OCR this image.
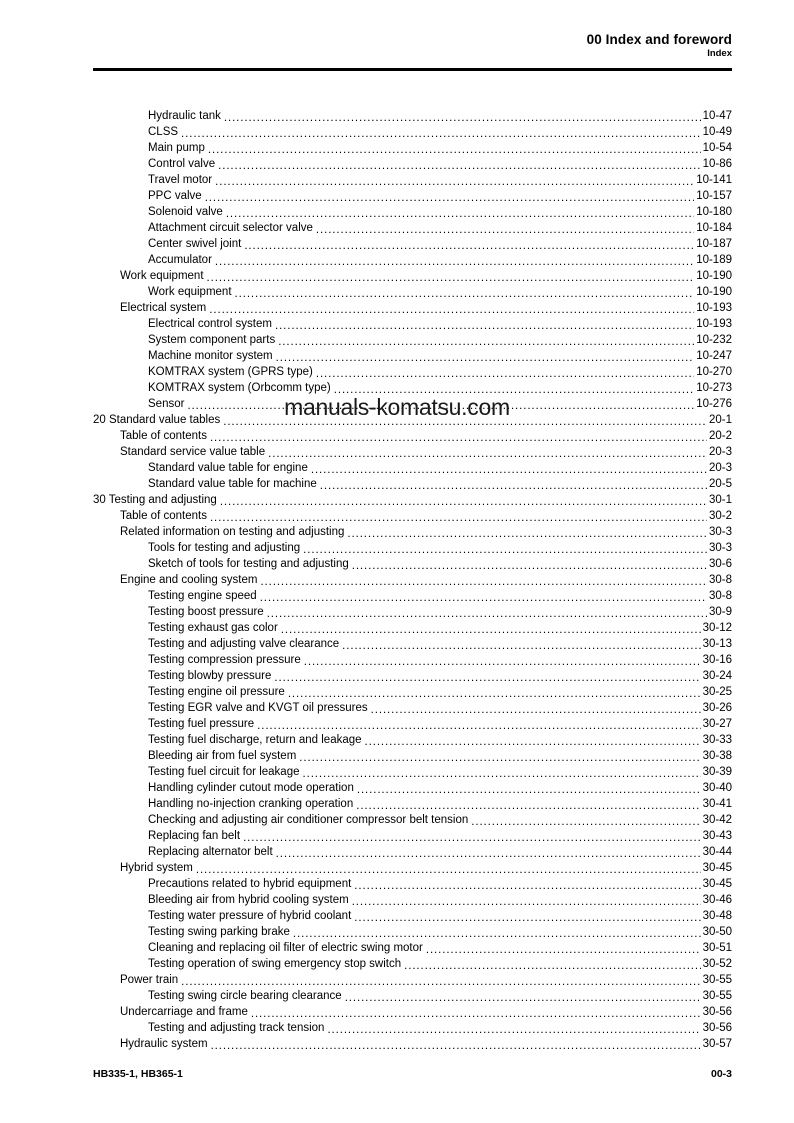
00 Index and foreword
Index
Hydraulic tank .....	10-47
CLSS .....	10-49
Main pump .....	10-54
Control valve .....	10-86
Travel motor .....	10-141
PPC valve .....	10-157
Solenoid valve .....	10-180
Attachment circuit selector valve .....	10-184
Center swivel joint .....	10-187
Accumulator .....	10-189
Work equipment .....	10-190
Work equipment .....	10-190
Electrical system .....	10-193
Electrical control system .....	10-193
System component parts .....	10-232
Machine monitor system .....	10-247
KOMTRAX system (GPRS type) .....	10-270
KOMTRAX system (Orbcomm type) .....	10-273
Sensor .....	10-276
20 Standard value tables .....	20-1
Table of contents .....	20-2
Standard service value table .....	20-3
Standard value table for engine .....	20-3
Standard value table for machine .....	20-5
30 Testing and adjusting .....	30-1
Table of contents .....	30-2
Related information on testing and adjusting .....	30-3
Tools for testing and adjusting .....	30-3
Sketch of tools for testing and adjusting .....	30-6
Engine and cooling system .....	30-8
Testing engine speed .....	30-8
Testing boost pressure .....	30-9
Testing exhaust gas color .....	30-12
Testing and adjusting valve clearance .....	30-13
Testing compression pressure .....	30-16
Testing blowby pressure .....	30-24
Testing engine oil pressure .....	30-25
Testing EGR valve and KVGT oil pressures .....	30-26
Testing fuel pressure .....	30-27
Testing fuel discharge, return and leakage .....	30-33
Bleeding air from fuel system .....	30-38
Testing fuel circuit for leakage .....	30-39
Handling cylinder cutout mode operation .....	30-40
Handling no-injection cranking operation .....	30-41
Checking and adjusting air conditioner compressor belt tension .....	30-42
Replacing fan belt .....	30-43
Replacing alternator belt .....	30-44
Hybrid system .....	30-45
Precautions related to hybrid equipment .....	30-45
Bleeding air from hybrid cooling system .....	30-46
Testing water pressure of hybrid coolant .....	30-48
Testing swing parking brake .....	30-50
Cleaning and replacing oil filter of electric swing motor .....	30-51
Testing operation of swing emergency stop switch .....	30-52
Power train .....	30-55
Testing swing circle bearing clearance .....	30-55
Undercarriage and frame .....	30-56
Testing and adjusting track tension .....	30-56
Hydraulic system .....	30-57
manuals-komatsu.com
HB335-1, HB365-1	00-3
